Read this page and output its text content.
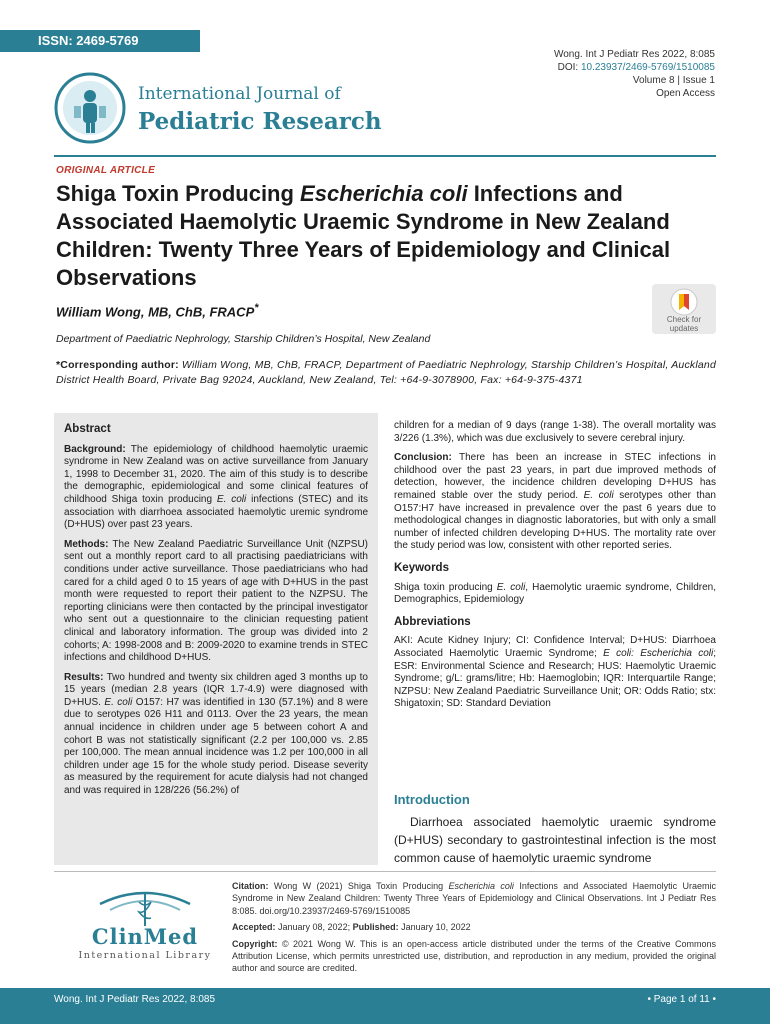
ISSN: 2469-5769
Wong. Int J Pediatr Res 2022, 8:085
DOI: 10.23937/2469-5769/1510085
Volume 8 | Issue 1
Open Access
International Journal of
Pediatric Research
ORIGINAL ARTICLE
Shiga Toxin Producing Escherichia coli Infections and Associated Haemolytic Uraemic Syndrome in New Zealand Children: Twenty Three Years of Epidemiology and Clinical Observations
William Wong, MB, ChB, FRACP*
Check for
updates
Department of Paediatric Nephrology, Starship Children’s Hospital, New Zealand
*Corresponding author: William Wong, MB, ChB, FRACP, Department of Paediatric Nephrology, Starship Children’s Hospital, Auckland District Health Board, Private Bag 92024, Auckland, New Zealand, Tel: +64-9-3078900, Fax: +64-9-375-4371
Abstract

Background: The epidemiology of childhood haemolytic uraemic syndrome in New Zealand was on active surveillance from January 1, 1998 to December 31, 2020. The aim of this study is to describe the demographic, epidemiological and some clinical features of childhood Shiga toxin producing E. coli infections (STEC) and its association with diarrhoea associated haemolytic uremic syndrome (D+HUS) over past 23 years.

Methods: The New Zealand Paediatric Surveillance Unit (NZPSU) sent out a monthly report card to all practising paediatricians with conditions under active surveillance. Those paediatricians who had cared for a child aged 0 to 15 years of age with D+HUS in the past month were requested to report their patient to the NZPSU. The reporting clinicians were then contacted by the principal investigator who sent out a questionnaire to the clinician requesting patient clinical and laboratory information. The group was divided into 2 cohorts; A: 1998-2008 and B: 2009-2020 to examine trends in STEC infections and childhood D+HUS.

Results: Two hundred and twenty six children aged 3 months up to 15 years (median 2.8 years (IQR 1.7-4.9) were diagnosed with D+HUS. E. coli O157: H7 was identified in 130 (57.1%) and 8 were due to serotypes 026 H11 and 0113. Over the 23 years, the mean annual incidence in children under age 5 between cohort A and cohort B was not statistically significant (2.2 per 100,000 vs. 2.85 per 100,000. The mean annual incidence was 1.2 per 100,000 in all children under age 15 for the whole study period. Disease severity as measured by the requirement for acute dialysis had not changed and was required in 128/226 (56.2%) of

children for a median of 9 days (range 1-38). The overall mortality was 3/226 (1.3%), which was due exclusively to severe cerebral injury.

Conclusion: There has been an increase in STEC infections in childhood over the past 23 years, in part due improved methods of detection, however, the incidence children developing D+HUS has remained stable over the study period. E. coli serotypes other than O157:H7 have increased in prevalence over the past 6 years due to methodological changes in diagnostic laboratories, but with only a small number of infected children developing D+HUS. The mortality rate over the study period was low, consistent with other reported series.

Keywords

Shiga toxin producing E. coli, Haemolytic uraemic syndrome, Children, Demographics, Epidemiology

Abbreviations

AKI: Acute Kidney Injury; CI: Confidence Interval; D+HUS: Diarrhoea Associated Haemolytic Uraemic Syndrome; E coli: Escherichia coli; ESR: Environmental Science and Research; HUS: Haemolytic Uraemic Syndrome; g/L: grams/litre; Hb: Haemoglobin; IQR: Interquartile Range; NZPSU: New Zealand Paediatric Surveillance Unit; OR: Odds Ratio; stx: Shigatoxin; SD: Standard Deviation

Introduction

Diarrhoea associated haemolytic uraemic syndrome (D+HUS) secondary to gastrointestinal infection is the most common cause of haemolytic uraemic syndrome

ClinMed
International Library

Citation: Wong W (2021) Shiga Toxin Producing Escherichia coli Infections and Associated Haemolytic Uraemic Syndrome in New Zealand Children: Twenty Three Years of Epidemiology and Clinical Observations. Int J Pediatr Res 8:085. doi.org/10.23937/2469-5769/1510085

Accepted: January 08, 2022; Published: January 10, 2022

Copyright: © 2021 Wong W. This is an open-access article distributed under the terms of the Creative Commons Attribution License, which permits unrestricted use, distribution, and reproduction in any medium, provided the original author and source are credited.

Wong. Int J Pediatr Res 2022, 8:085	• Page 1 of 11 •
